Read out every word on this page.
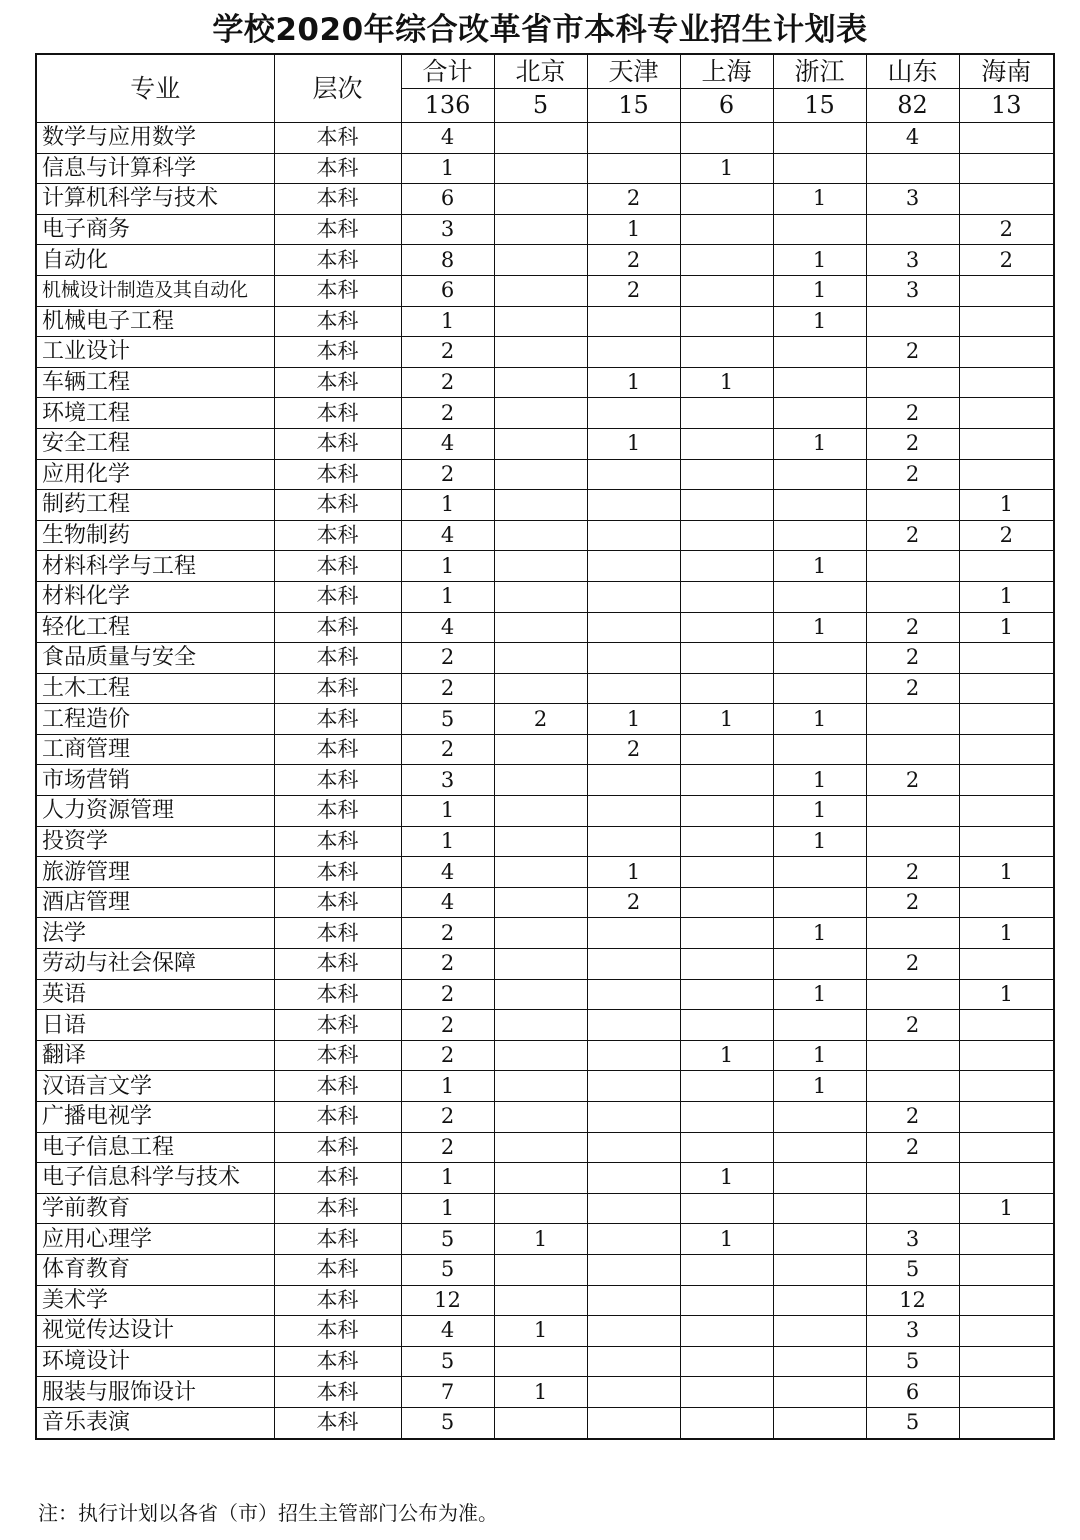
学校2020年综合改革省市本科专业招生计划表
专业	层次	合计	北京	天津	上海	浙江	山东	海南
		136	5	15	6	15	82	13
数学与应用数学	本科	4					4	
信息与计算科学	本科	1			1			
计算机科学与技术	本科	6		2		1	3	
电子商务	本科	3		1				2
自动化	本科	8		2		1	3	2
机械设计制造及其自动化	本科	6		2		1	3	
机械电子工程	本科	1				1		
工业设计	本科	2					2	
车辆工程	本科	2		1	1			
环境工程	本科	2					2	
安全工程	本科	4		1		1	2	
应用化学	本科	2					2	
制药工程	本科	1						1
生物制药	本科	4					2	2
材料科学与工程	本科	1				1		
材料化学	本科	1						1
轻化工程	本科	4				1	2	1
食品质量与安全	本科	2					2	
土木工程	本科	2					2	
工程造价	本科	5	2	1	1	1		
工商管理	本科	2		2				
市场营销	本科	3				1	2	
人力资源管理	本科	1				1		
投资学	本科	1				1		
旅游管理	本科	4		1			2	1
酒店管理	本科	4		2			2	
法学	本科	2				1		1
劳动与社会保障	本科	2					2	
英语	本科	2				1		1
日语	本科	2					2	
翻译	本科	2			1	1		
汉语言文学	本科	1				1		
广播电视学	本科	2					2	
电子信息工程	本科	2					2	
电子信息科学与技术	本科	1			1			
学前教育	本科	1						1
应用心理学	本科	5	1		1		3	
体育教育	本科	5					5	
美术学	本科	12					12	
视觉传达设计	本科	4	1				3	
环境设计	本科	5					5	
服装与服饰设计	本科	7	1				6	
音乐表演	本科	5					5	
注：执行计划以各省（市）招生主管部门公布为准。
